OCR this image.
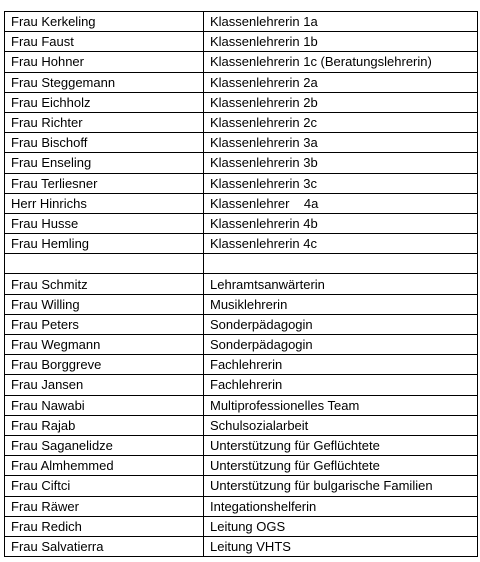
Frau Kerkeling	Klassenlehrerin 1a
Frau Faust	Klassenlehrerin 1b
Frau Hohner	Klassenlehrerin 1c (Beratungslehrerin)
Frau Steggemann	Klassenlehrerin 2a
Frau Eichholz	Klassenlehrerin 2b
Frau Richter	Klassenlehrerin 2c
Frau Bischoff	Klassenlehrerin 3a
Frau Enseling	Klassenlehrerin 3b
Frau Terliesner	Klassenlehrerin 3c
Herr Hinrichs	Klassenlehrer    4a
Frau Husse	Klassenlehrerin 4b
Frau Hemling	Klassenlehrerin 4c

Frau Schmitz	Lehramtsanwärterin
Frau Willing	Musiklehrerin
Frau Peters	Sonderpädagogin
Frau Wegmann	Sonderpädagogin
Frau Borggreve	Fachlehrerin
Frau Jansen	Fachlehrerin
Frau Nawabi	Multiprofessionelles Team
Frau Rajab	Schulsozialarbeit
Frau Saganelidze	Unterstützung für Geflüchtete
Frau Almhemmed	Unterstützung für Geflüchtete
Frau Ciftci	Unterstützung für bulgarische Familien
Frau Räwer	Integationshelferin
Frau Redich	Leitung OGS
Frau Salvatierra	Leitung VHTS
